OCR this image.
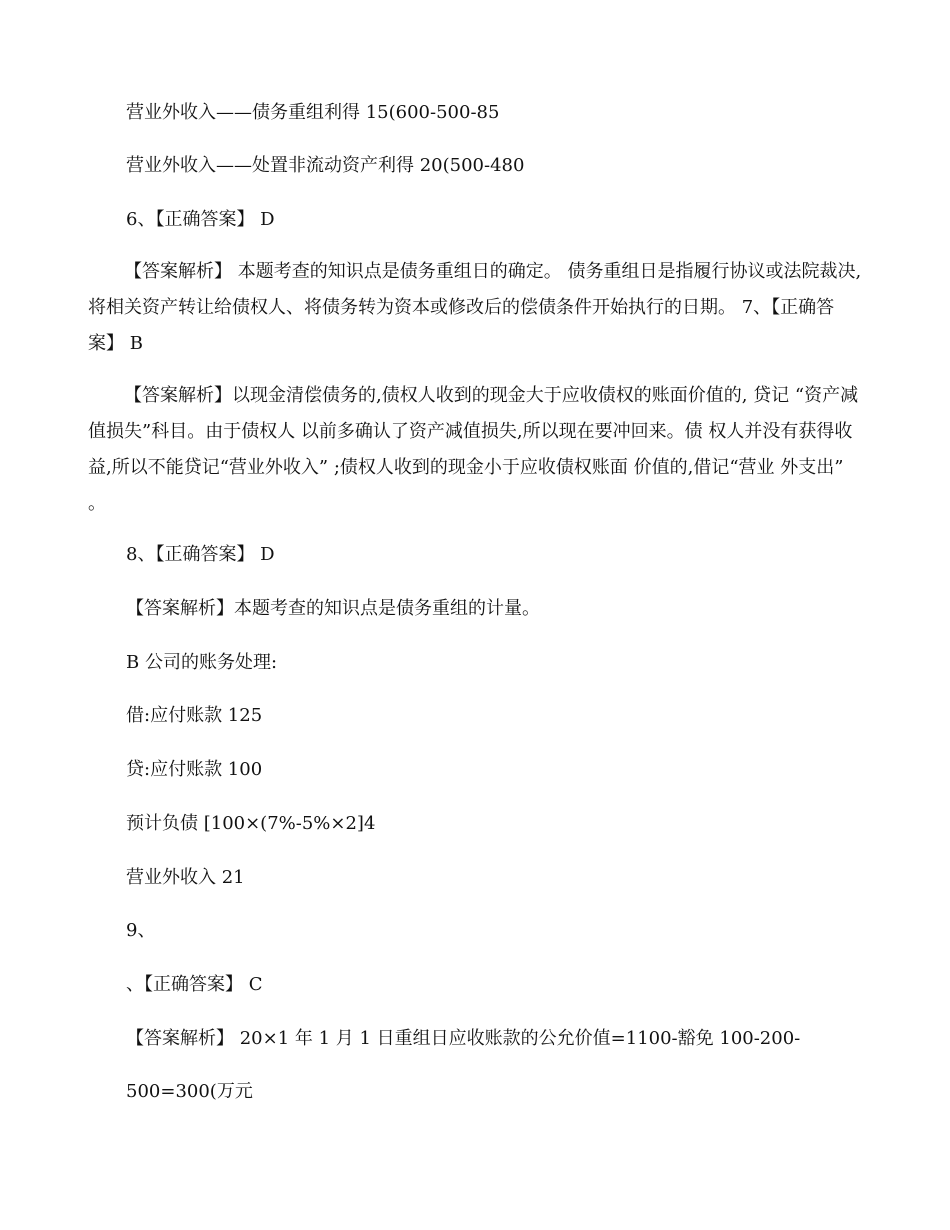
营业外收入——债务重组利得 15(600-500-85
营业外收入——处置非流动资产利得 20(500-480
6、【正确答案】 D
【答案解析】 本题考查的知识点是债务重组日的确定。 债务重组日是指履行协议或法院裁决,将相关资产转让给债权人、将债务转为资本或修改后的偿债条件开始执行的日期。 7、【正确答案】 B
【答案解析】以现金清偿债务的,债权人收到的现金大于应收债权的账面价值的, 贷记 “资产减值损失”科目。由于债权人 以前多确认了资产减值损失,所以现在要冲回来。债 权人并没有获得收益,所以不能贷记“营业外收入” ;债权人收到的现金小于应收债权账面 价值的,借记“营业 外支出” 。
8、【正确答案】 D
【答案解析】本题考查的知识点是债务重组的计量。
B 公司的账务处理:
借:应付账款 125
贷:应付账款 100
预计负债 [100×(7%-5%×2]4
营业外收入 21
9、
、【正确答案】 C
【答案解析】 20×1 年 1 月 1 日重组日应收账款的公允价值=1100-豁免 100-200-
500=300(万元
